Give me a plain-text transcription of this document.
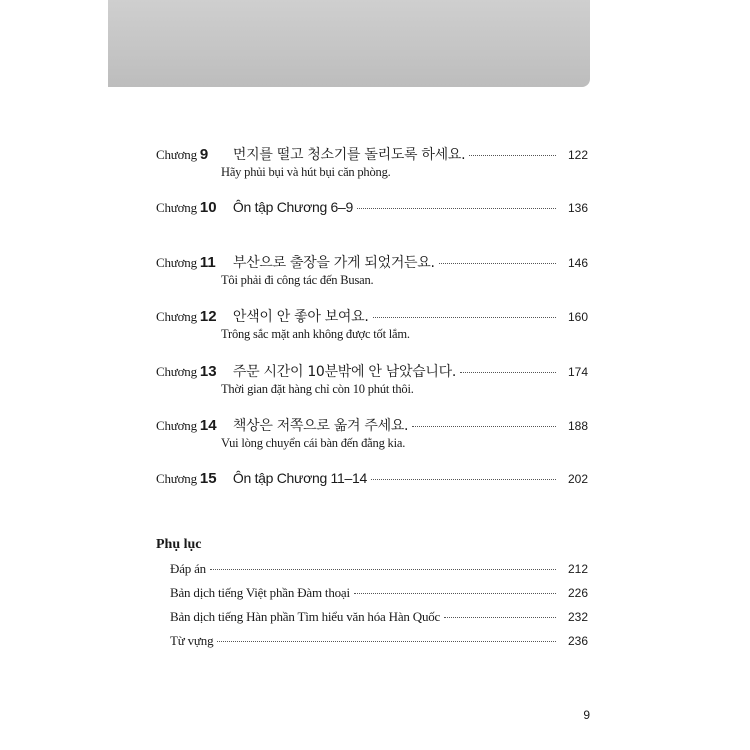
Chương 9	먼지를 떨고 청소기를 돌리도록 하세요.	122
Hãy phủi bụi và hút bụi căn phòng.
Chương 10	Ôn tập Chương 6–9	136
Chương 11	부산으로 출장을 가게 되었거든요.	146
Tôi phải đi công tác đến Busan.
Chương 12	안색이 안 좋아 보여요.	160
Trông sắc mặt anh không được tốt lắm.
Chương 13	주문 시간이 10분밖에 안 남았습니다.	174
Thời gian đặt hàng chỉ còn 10 phút thôi.
Chương 14	책상은 저쪽으로 옮겨 주세요.	188
Vui lòng chuyển cái bàn đến đằng kia.
Chương 15	Ôn tập Chương 11–14	202
Phụ lục
Đáp án	212
Bản dịch tiếng Việt phần Đàm thoại	226
Bản dịch tiếng Hàn phần Tìm hiểu văn hóa Hàn Quốc	232
Từ vựng	236
9
